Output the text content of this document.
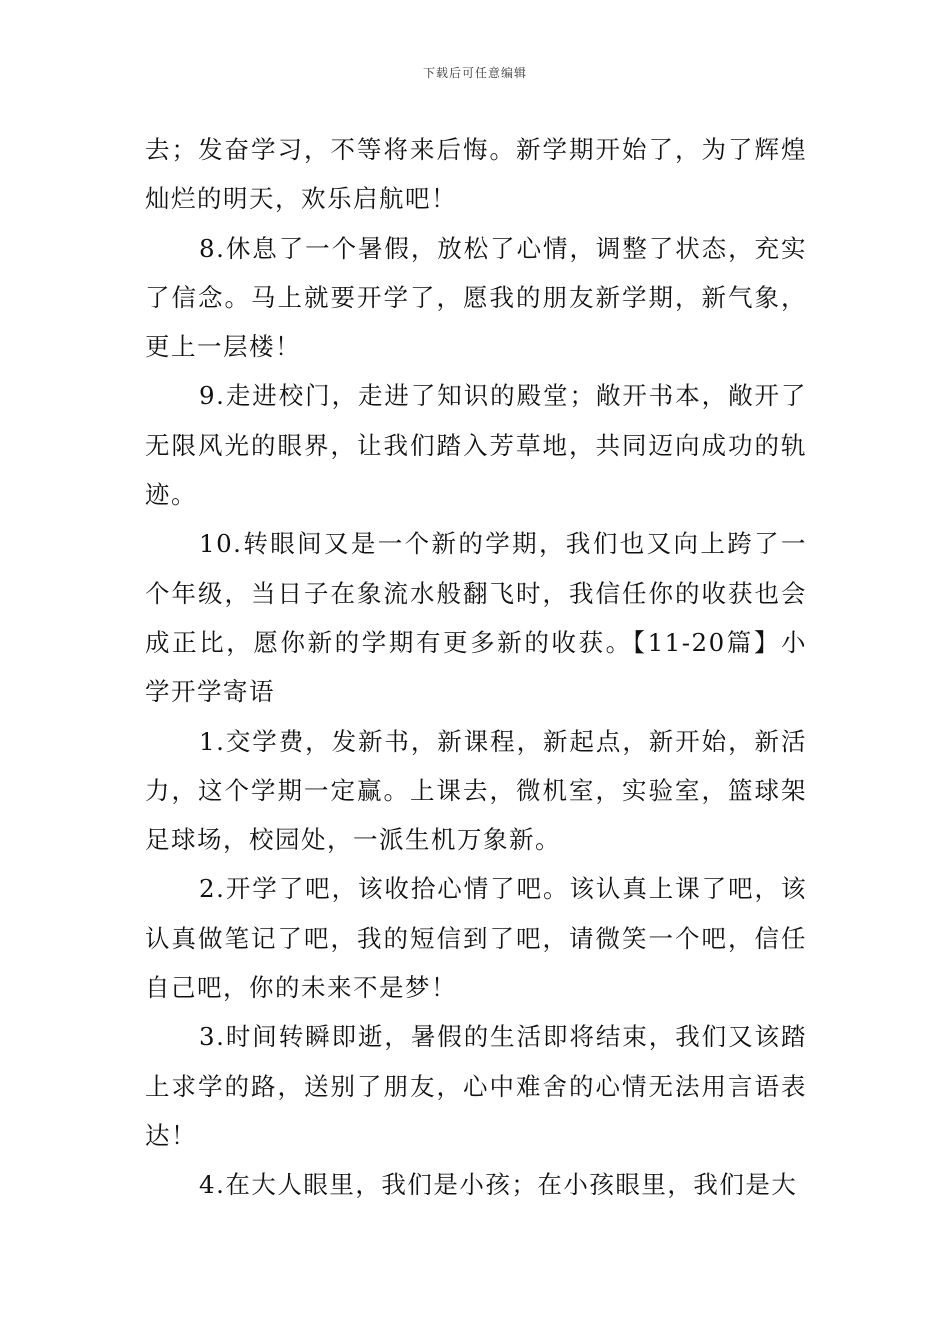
下载后可任意编辑

去；发奋学习，不等将来后悔。新学期开始了，为了辉煌灿烂的明天，欢乐启航吧！

8.休息了一个暑假，放松了心情，调整了状态，充实了信念。马上就要开学了，愿我的朋友新学期，新气象，更上一层楼！

9.走进校门，走进了知识的殿堂；敞开书本，敞开了无限风光的眼界，让我们踏入芳草地，共同迈向成功的轨迹。

10.转眼间又是一个新的学期，我们也又向上跨了一个年级，当日子在象流水般翻飞时，我信任你的收获也会成正比，愿你新的学期有更多新的收获。【11-20篇】小学开学寄语

1.交学费，发新书，新课程，新起点，新开始，新活力，这个学期一定赢。上课去，微机室，实验室，篮球架足球场，校园处，一派生机万象新。

2.开学了吧，该收拾心情了吧。该认真上课了吧，该认真做笔记了吧，我的短信到了吧，请微笑一个吧，信任自己吧，你的未来不是梦！

3.时间转瞬即逝，暑假的生活即将结束，我们又该踏上求学的路，送别了朋友，心中难舍的心情无法用言语表达！

4.在大人眼里，我们是小孩；在小孩眼里，我们是大
